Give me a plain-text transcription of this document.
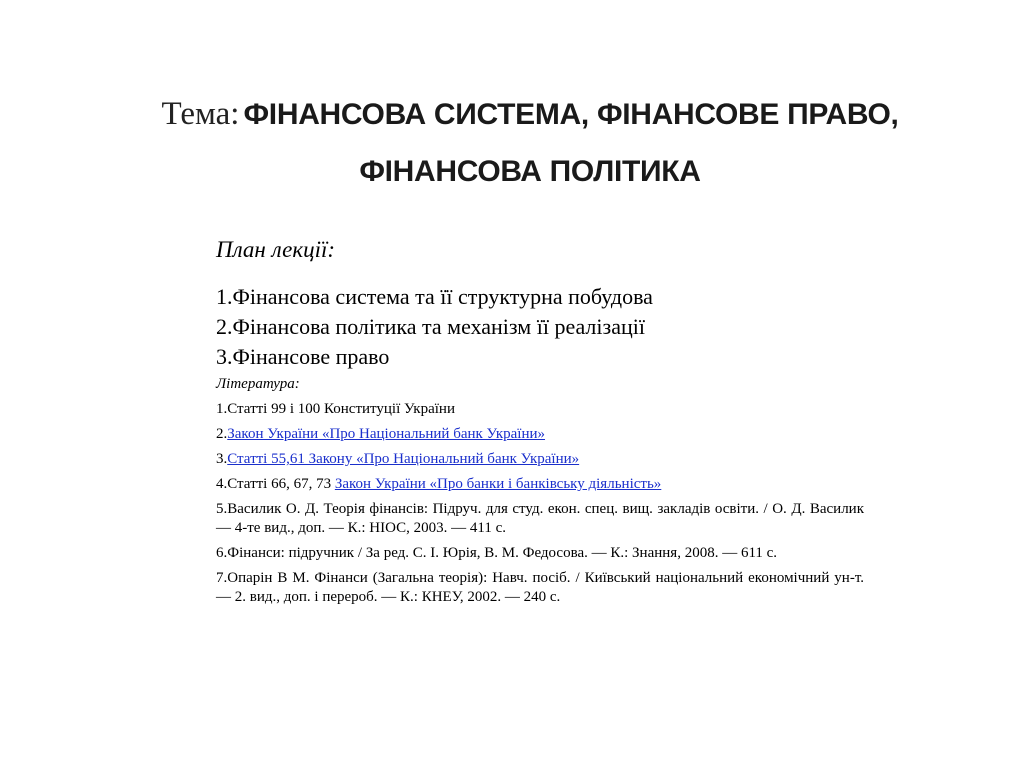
Тема: ФІНАНСОВА СИСТЕМА, ФІНАНСОВЕ ПРАВО,
ФІНАНСОВА ПОЛІТИКА
План лекції:
1.Фінансова система та її структурна побудова
2.Фінансова політика та механізм її реалізації
3.Фінансове право
Література:
1.Статті 99 і 100 Конституції України
2.Закон України «Про Національний банк України»
3.Статті 55,61 Закону «Про Національний банк України»
4.Статті 66, 67, 73 Закон України «Про банки і банківську діяльність»
5.Василик О. Д. Теорія фінансів: Підруч. для студ. екон. спец. вищ. закладів освіти. / О. Д. Василик — 4-те вид., доп. — К.: НІОС, 2003. — 411 с.
6.Фінанси: підручник / За ред. С. І. Юрія, В. М. Федосова. — К.: Знання, 2008. — 611 с.
7.Опарін В М. Фінанси (Загальна теорія): Навч. посіб. / Київський національний економічний ун-т. — 2. вид., доп. і перероб. — К.: КНЕУ, 2002. — 240 с.
